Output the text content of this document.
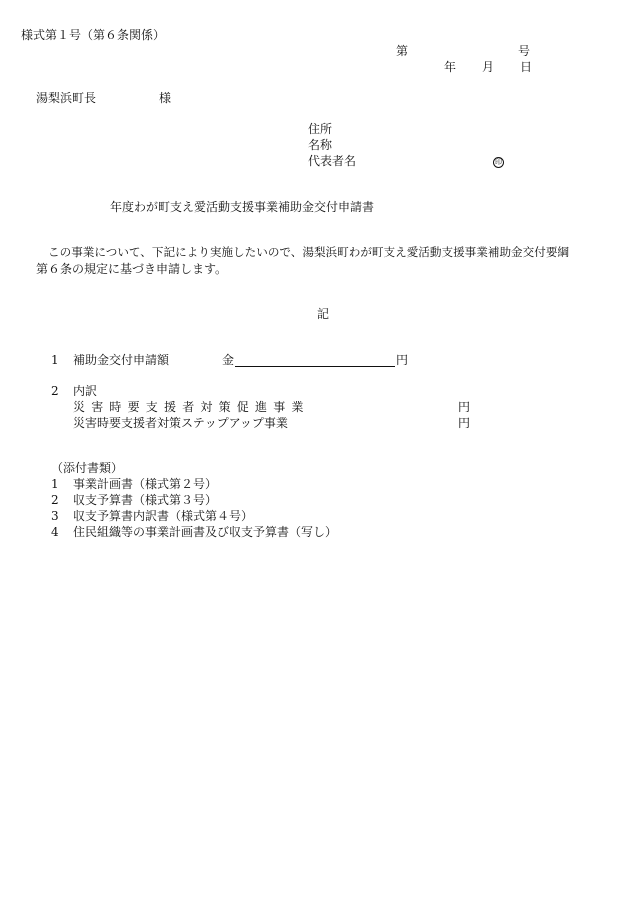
様式第１号（第６条関係）
第	号
年 月 日
湯梨浜町長	様
住所
名称
代表者名	印
年度わが町支え愛活動支援事業補助金交付申請書
この事業について、下記により実施したいので、湯梨浜町わが町支え愛活動支援事業補助金交付要綱
第６条の規定に基づき申請します。
記
1 補助金交付申請額	金	円
2 内訳
災害時要支援者対策促進事業	円
災害時要支援者対策ステップアップ事業	円
（添付書類）
1 事業計画書（様式第２号）
2 収支予算書（様式第３号）
3 収支予算書内訳書（様式第４号）
4 住民組織等の事業計画書及び収支予算書（写し）
